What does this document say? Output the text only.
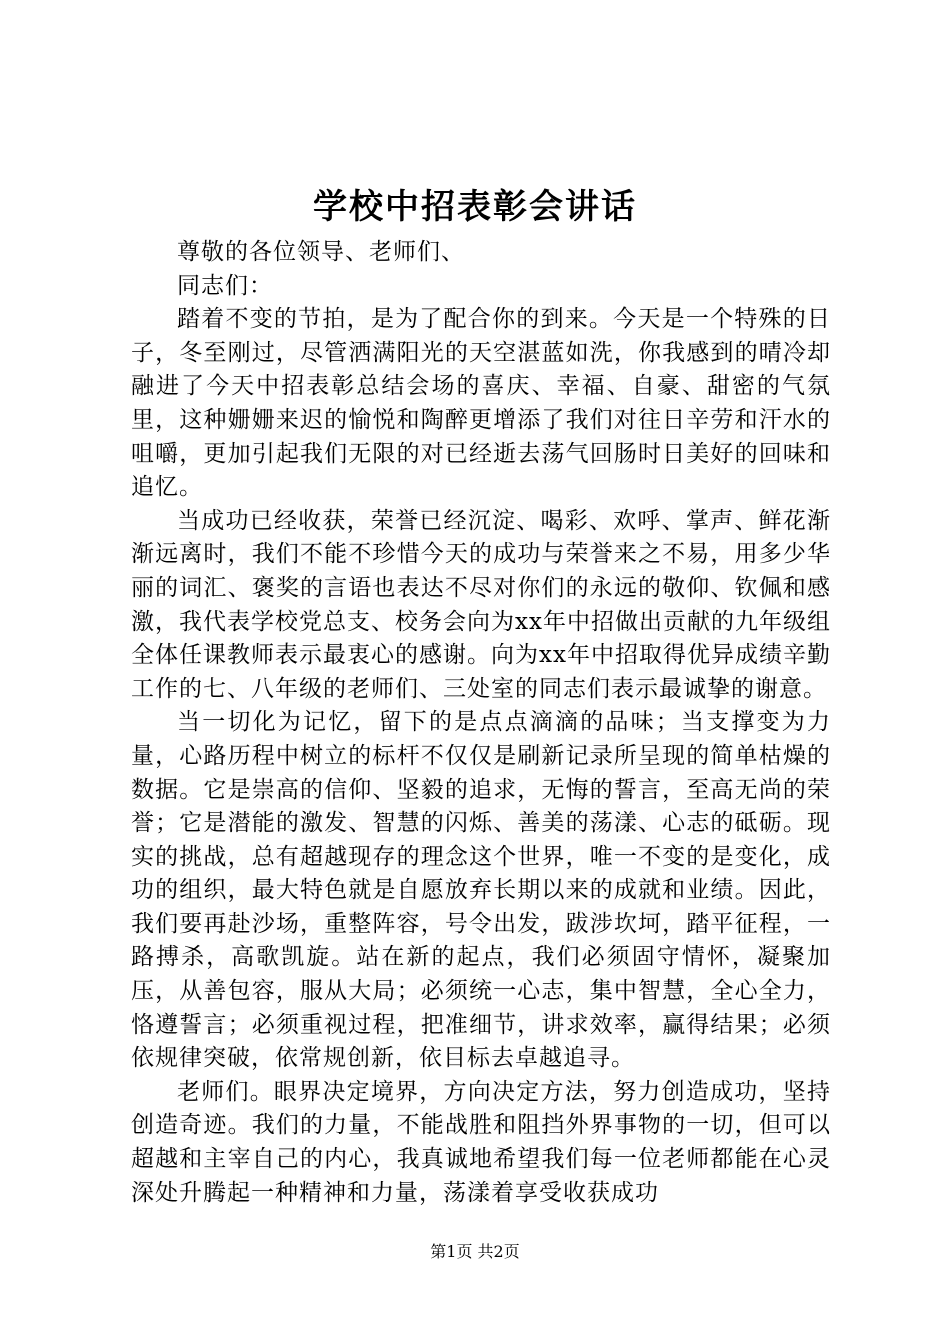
学校中招表彰会讲话

尊敬的各位领导、老师们、

同志们：

踏着不变的节拍，是为了配合你的到来。今天是一个特殊的日子，冬至刚过，尽管洒满阳光的天空湛蓝如洗，你我感到的晴冷却融进了今天中招表彰总结会场的喜庆、幸福、自豪、甜密的气氛里，这种姗姗来迟的愉悦和陶醉更增添了我们对往日辛劳和汗水的咀嚼，更加引起我们无限的对已经逝去荡气回肠时日美好的回味和追忆。

当成功已经收获，荣誉已经沉淀、喝彩、欢呼、掌声、鲜花渐渐远离时，我们不能不珍惜今天的成功与荣誉来之不易，用多少华丽的词汇、褒奖的言语也表达不尽对你们的永远的敬仰、钦佩和感激，我代表学校党总支、校务会向为xx年中招做出贡献的九年级组全体任课教师表示最衷心的感谢。向为xx年中招取得优异成绩辛勤工作的七、八年级的老师们、三处室的同志们表示最诚挚的谢意。

当一切化为记忆，留下的是点点滴滴的品味；当支撑变为力量，心路历程中树立的标杆不仅仅是刷新记录所呈现的简单枯燥的数据。它是崇高的信仰、坚毅的追求，无悔的誓言，至高无尚的荣誉；它是潜能的激发、智慧的闪烁、善美的荡漾、心志的砥砺。现实的挑战，总有超越现存的理念这个世界，唯一不变的是变化，成功的组织，最大特色就是自愿放弃长期以来的成就和业绩。因此，我们要再赴沙场，重整阵容，号令出发，跋涉坎坷，踏平征程，一路搏杀，高歌凯旋。站在新的起点，我们必须固守情怀，凝聚加压，从善包容，服从大局；必须统一心志，集中智慧，全心全力，恪遵誓言；必须重视过程，把准细节，讲求效率，赢得结果；必须依规律突破，依常规创新，依目标去卓越追寻。

老师们。眼界决定境界，方向决定方法，努力创造成功，坚持创造奇迹。我们的力量，不能战胜和阻挡外界事物的一切，但可以超越和主宰自己的内心，我真诚地希望我们每一位老师都能在心灵深处升腾起一种精神和力量，荡漾着享受收获成功

第1页 共2页
